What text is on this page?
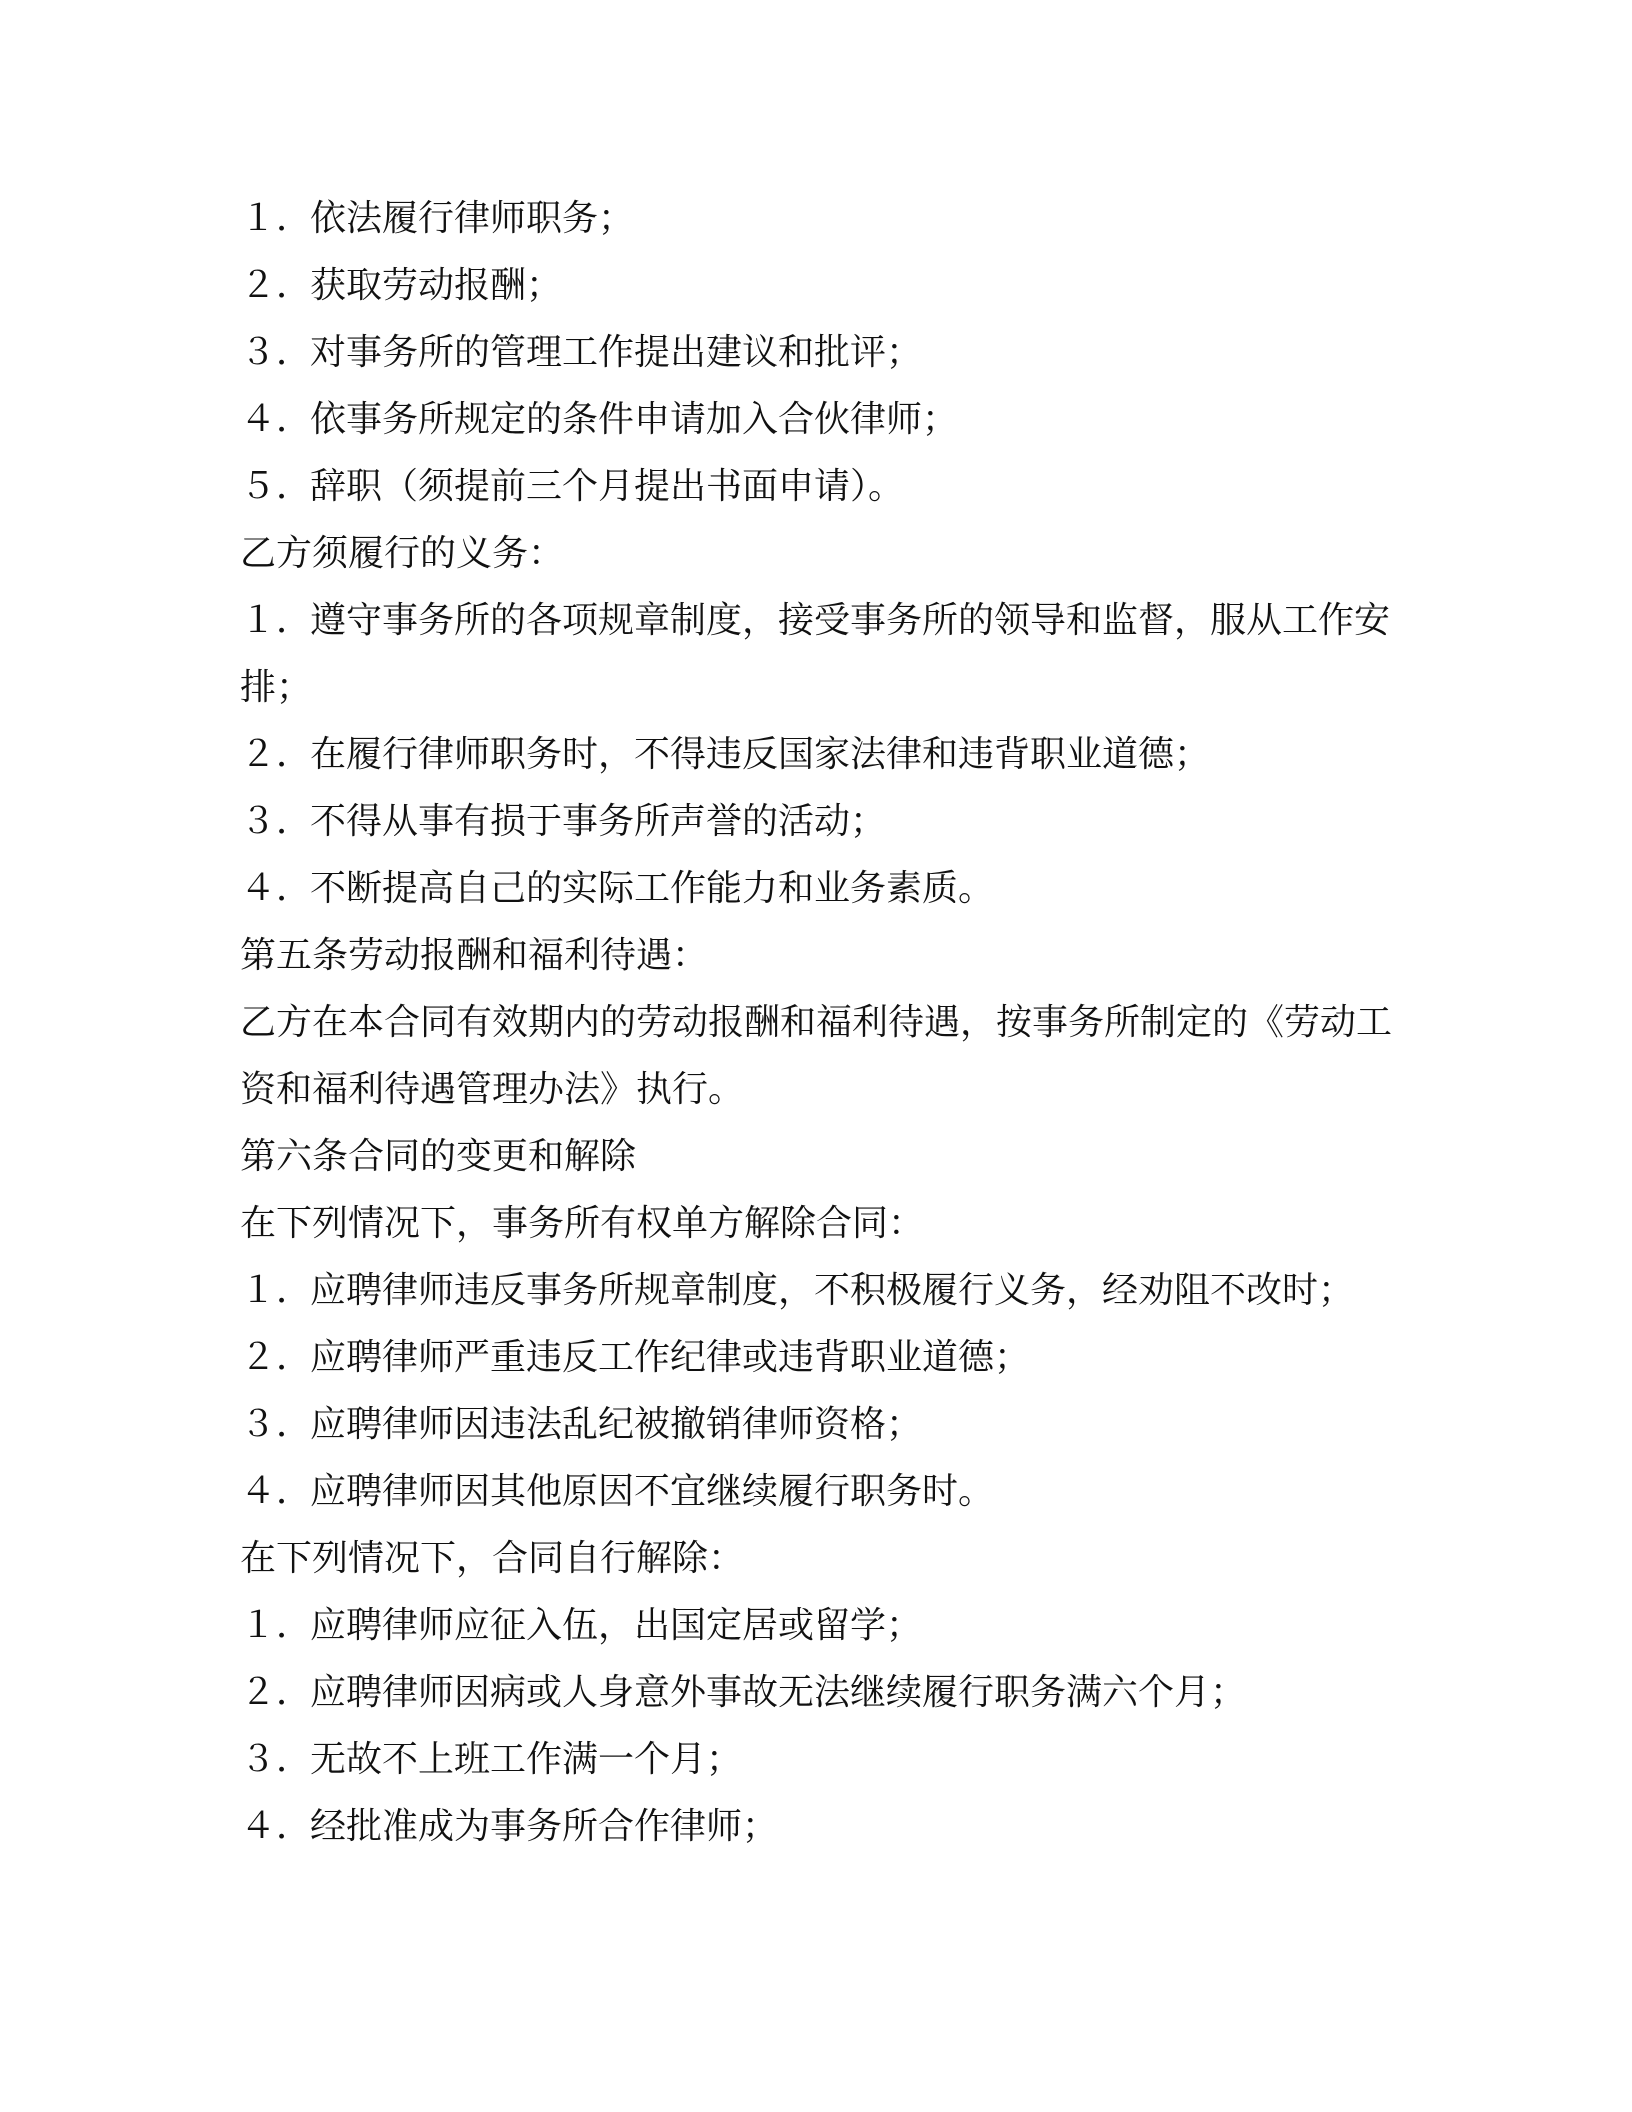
１．依法履行律师职务；
２．获取劳动报酬；
３．对事务所的管理工作提出建议和批评；
４．依事务所规定的条件申请加入合伙律师；
５．辞职（须提前三个月提出书面申请）。
乙方须履行的义务：
１．遵守事务所的各项规章制度，接受事务所的领导和监督，服从工作安排；
２．在履行律师职务时，不得违反国家法律和违背职业道德；
３．不得从事有损于事务所声誉的活动；
４．不断提高自己的实际工作能力和业务素质。
第五条劳动报酬和福利待遇：
乙方在本合同有效期内的劳动报酬和福利待遇，按事务所制定的《劳动工资和福利待遇管理办法》执行。
第六条合同的变更和解除
在下列情况下，事务所有权单方解除合同：
１．应聘律师违反事务所规章制度，不积极履行义务，经劝阻不改时；
２．应聘律师严重违反工作纪律或违背职业道德；
３．应聘律师因违法乱纪被撤销律师资格；
４．应聘律师因其他原因不宜继续履行职务时。
在下列情况下，合同自行解除：
１．应聘律师应征入伍，出国定居或留学；
２．应聘律师因病或人身意外事故无法继续履行职务满六个月；
３．无故不上班工作满一个月；
４．经批准成为事务所合作律师；
